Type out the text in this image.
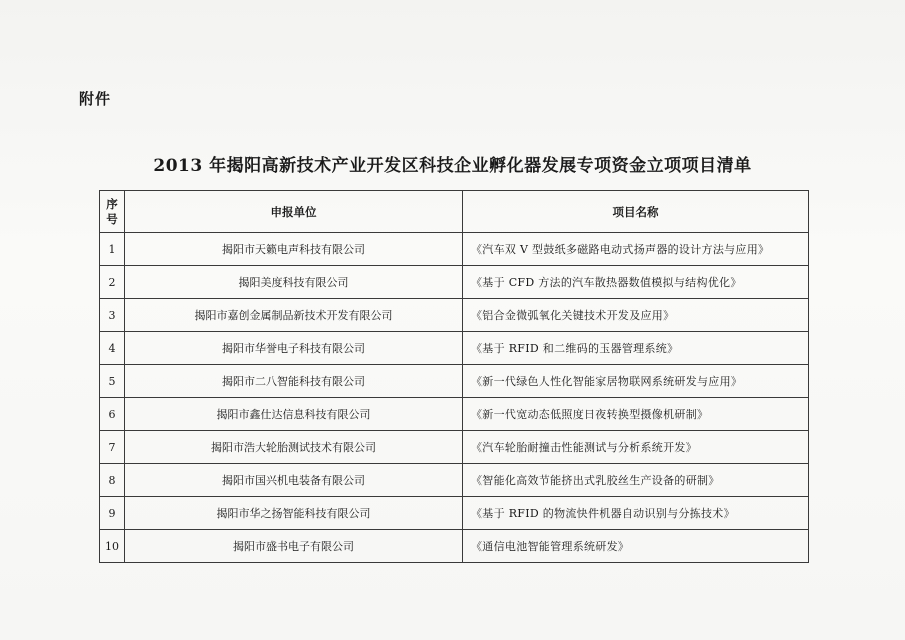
附件
2013 年揭阳高新技术产业开发区科技企业孵化器发展专项资金立项项目清单
序
号	申报单位	项目名称
1	揭阳市天籁电声科技有限公司	《汽车双 V 型鼓纸多磁路电动式扬声器的设计方法与应用》
2	揭阳美度科技有限公司	《基于 CFD 方法的汽车散热器数值模拟与结构优化》
3	揭阳市嘉创金属制品新技术开发有限公司	《铝合金微弧氧化关键技术开发及应用》
4	揭阳市华誉电子科技有限公司	《基于 RFID 和二维码的玉器管理系统》
5	揭阳市二八智能科技有限公司	《新一代绿色人性化智能家居物联网系统研发与应用》
6	揭阳市鑫仕达信息科技有限公司	《新一代宽动态低照度日夜转换型摄像机研制》
7	揭阳市浩大轮胎测试技术有限公司	《汽车轮胎耐撞击性能测试与分析系统开发》
8	揭阳市国兴机电装备有限公司	《智能化高效节能挤出式乳胶丝生产设备的研制》
9	揭阳市华之扬智能科技有限公司	《基于 RFID 的物流快件机器自动识别与分拣技术》
10	揭阳市盛书电子有限公司	《通信电池智能管理系统研发》
